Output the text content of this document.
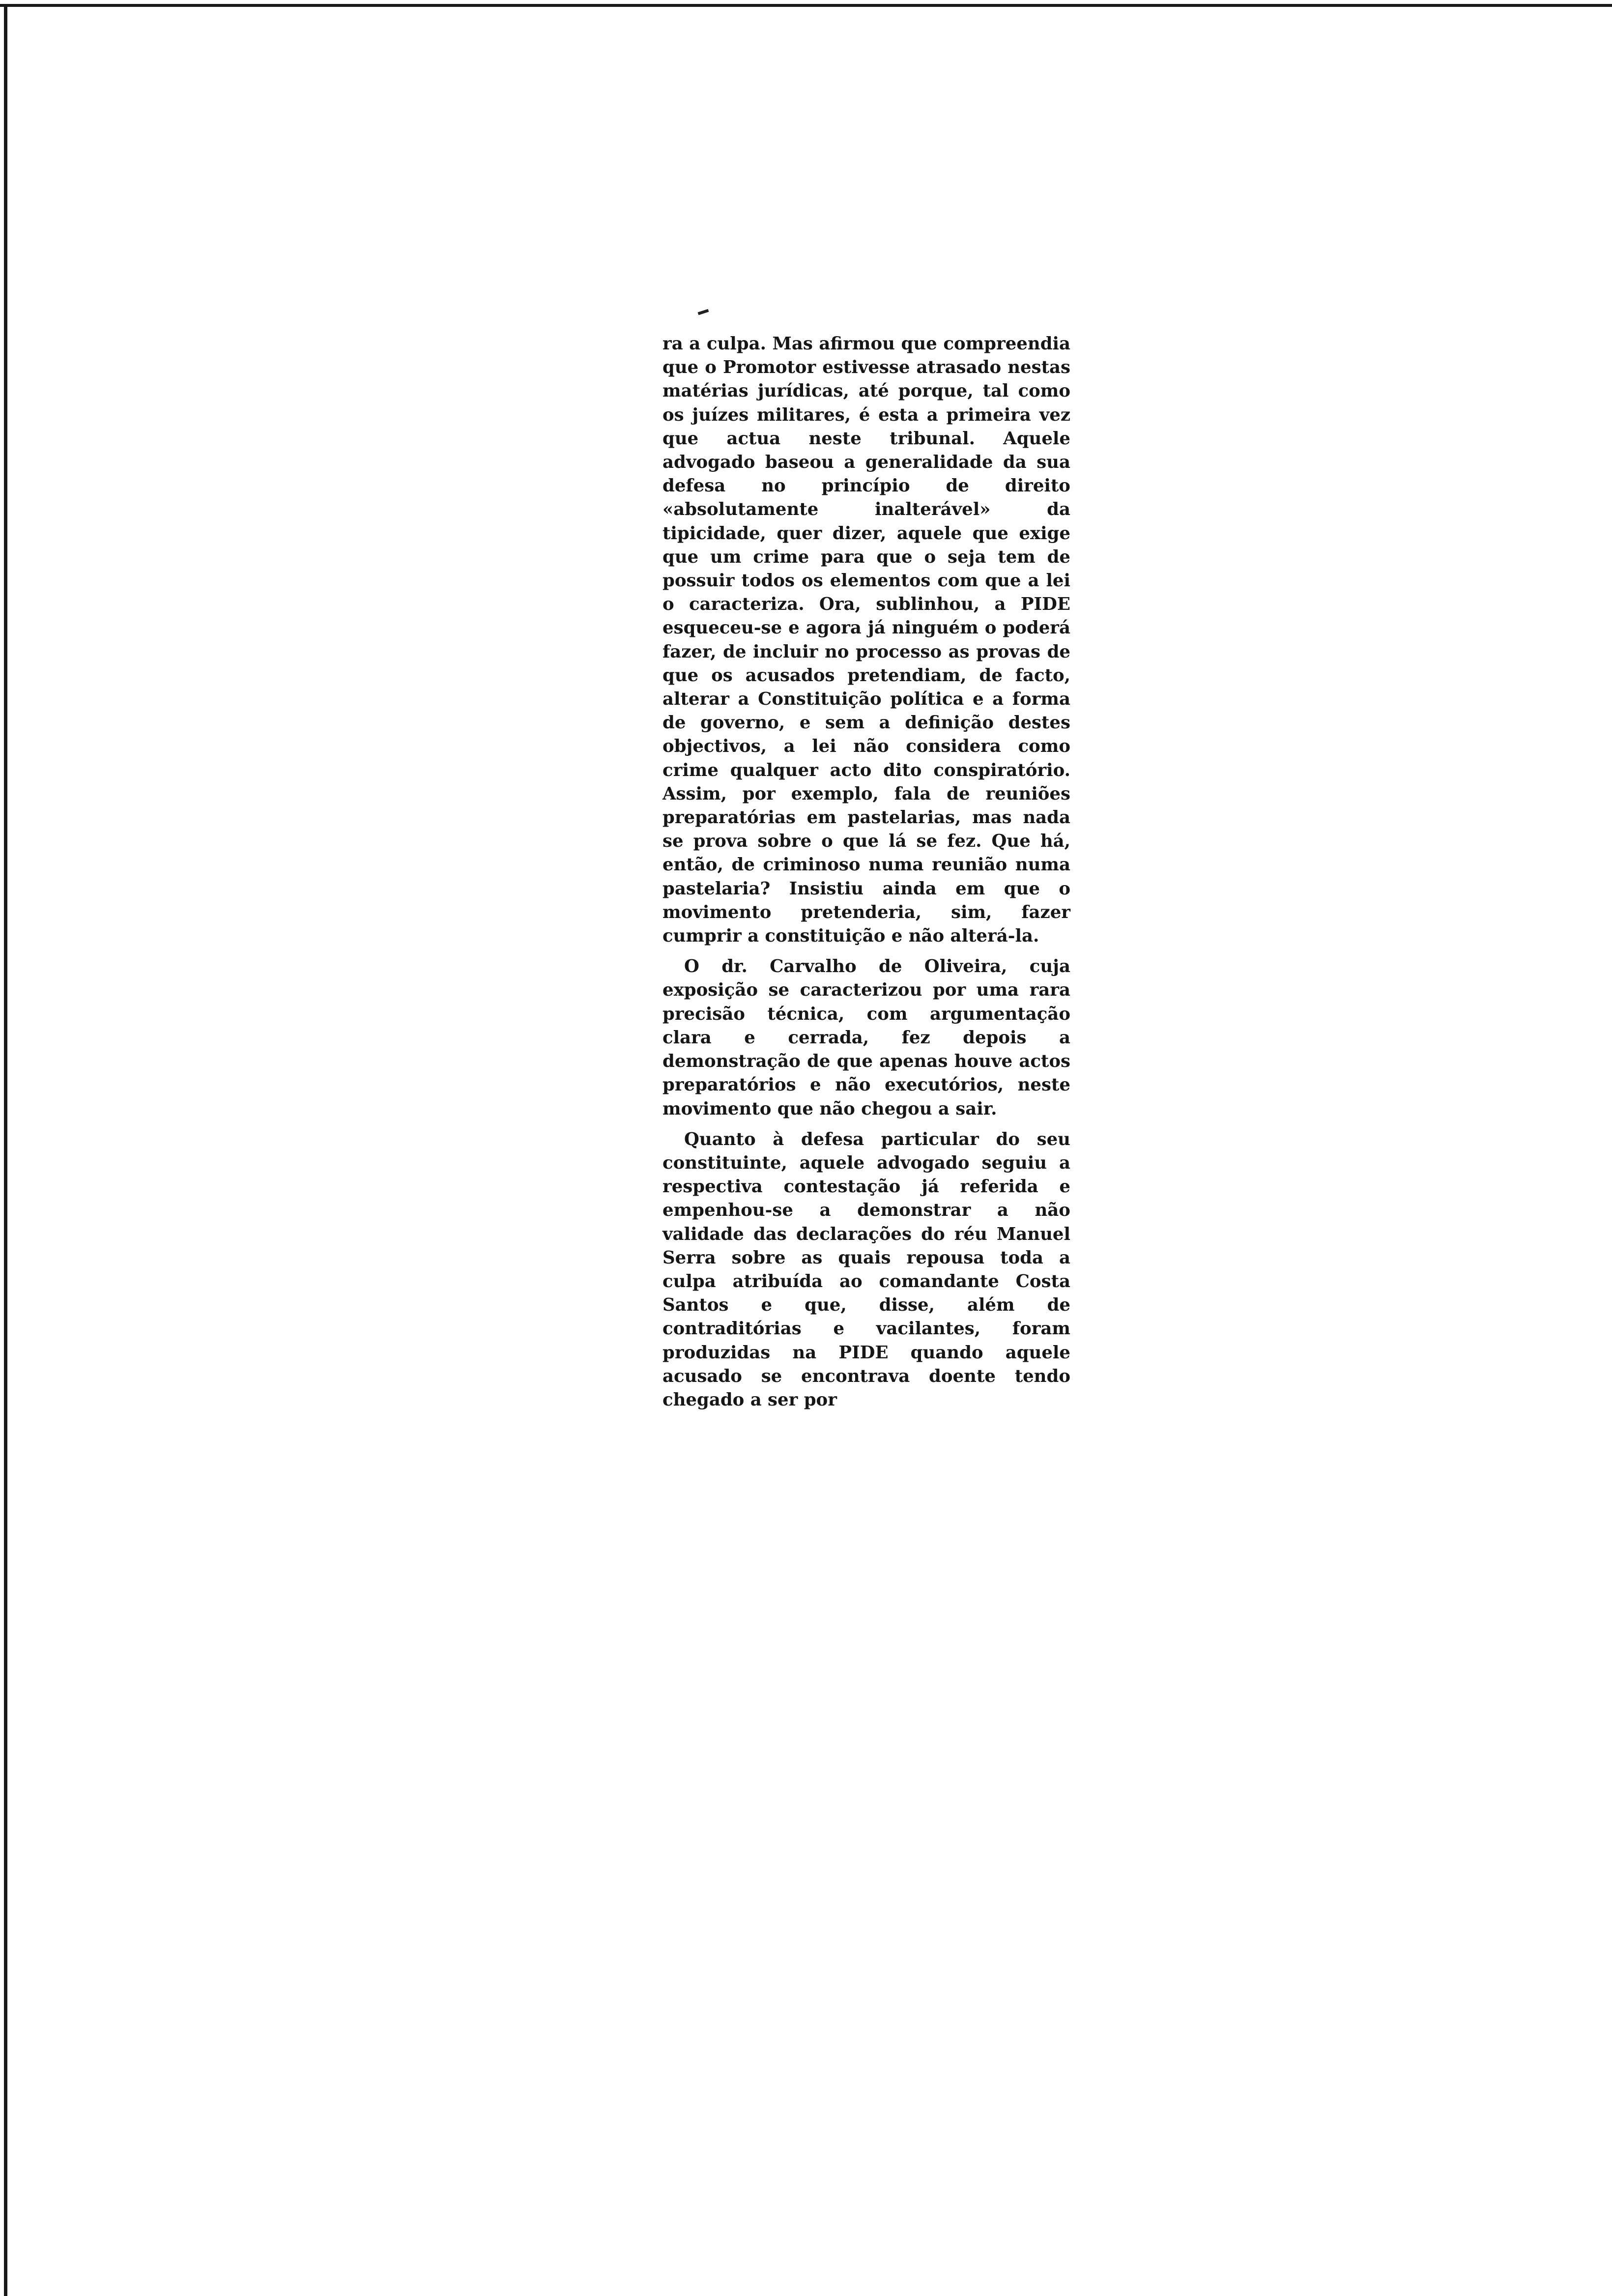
ra a culpa. Mas afirmou que compreendia que o Promotor estivesse atrasado nestas matérias jurídicas, até porque, tal como os juízes militares, é esta a primeira vez que actua neste tribunal. Aquele advogado baseou a generalidade da sua defesa no princípio de direito «absolutamente inalterável» da tipicidade, quer dizer, aquele que exige que um crime para que o seja tem de possuir todos os elementos com que a lei o caracteriza. Ora, sublinhou, a PIDE esqueceu-se e agora já ninguém o poderá fazer, de incluir no processo as provas de que os acusados pretendiam, de facto, alterar a Constituição política e a forma de governo, e sem a definição destes objectivos, a lei não considera como crime qualquer acto dito conspiratório. Assim, por exemplo, fala de reuniões preparatórias em pastelarias, mas nada se prova sobre o que lá se fez. Que há, então, de criminoso numa reunião numa pastelaria? Insistiu ainda em que o movimento pretenderia, sim, fazer cumprir a constituição e não alterá-la.

O dr. Carvalho de Oliveira, cuja exposição se caracterizou por uma rara precisão técnica, com argumentação clara e cerrada, fez depois a demonstração de que apenas houve actos preparatórios e não executórios, neste movimento que não chegou a sair.

Quanto à defesa particular do seu constituinte, aquele advogado seguiu a respectiva contestação já referida e empenhou-se a demonstrar a não validade das declarações do réu Manuel Serra sobre as quais repousa toda a culpa atribuída ao comandante Costa Santos e que, disse, além de contraditórias e vacilantes, foram produzidas na PIDE quando aquele acusado se encontrava doente tendo chegado a ser por
